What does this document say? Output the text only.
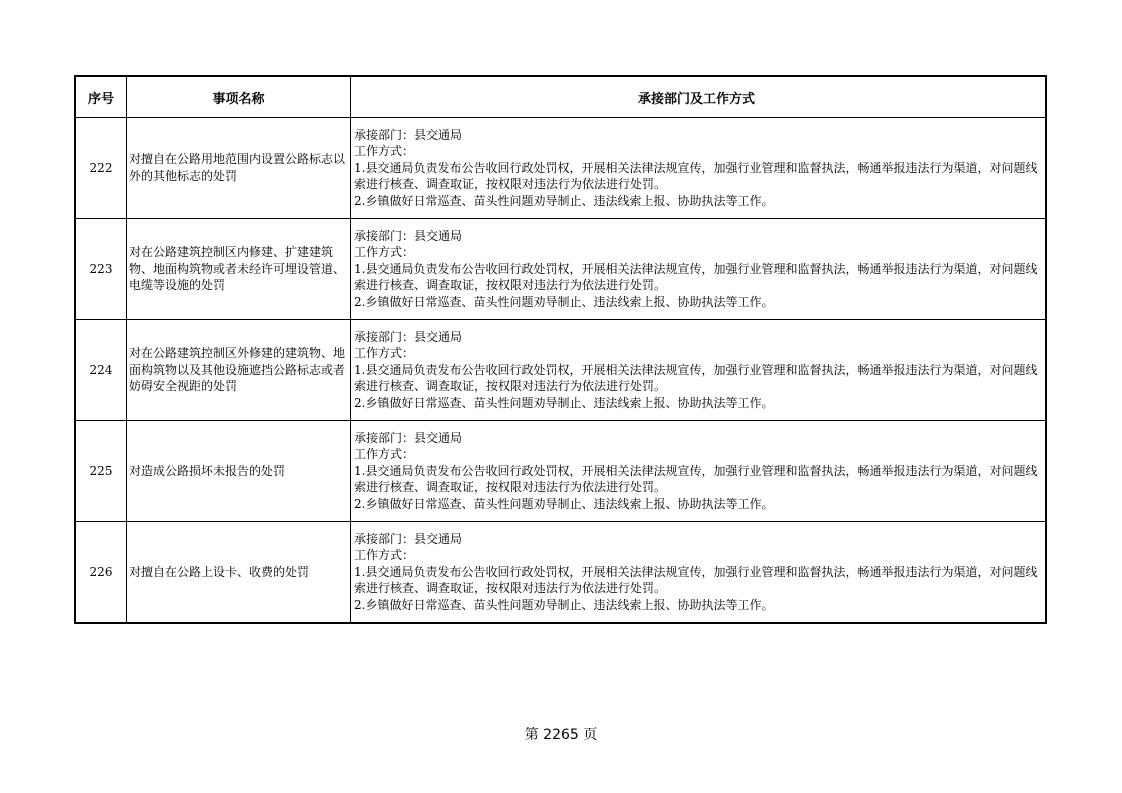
序号	事项名称	承接部门及工作方式
222	对擅自在公路用地范围内设置公路标志以外的其他标志的处罚	承接部门：县交通局
工作方式：
1.县交通局负责发布公告收回行政处罚权，开展相关法律法规宣传，加强行业管理和监督执法，畅通举报违法行为渠道，对问题线索进行核查、调查取证，按权限对违法行为依法进行处罚。
2.乡镇做好日常巡查、苗头性问题劝导制止、违法线索上报、协助执法等工作。

223	对在公路建筑控制区内修建、扩建建筑物、地面构筑物或者未经许可埋设管道、电缆等设施的处罚	承接部门：县交通局
工作方式：
1.县交通局负责发布公告收回行政处罚权，开展相关法律法规宣传，加强行业管理和监督执法，畅通举报违法行为渠道，对问题线索进行核查、调查取证，按权限对违法行为依法进行处罚。
2.乡镇做好日常巡查、苗头性问题劝导制止、违法线索上报、协助执法等工作。

224	对在公路建筑控制区外修建的建筑物、地面构筑物以及其他设施遮挡公路标志或者妨碍安全视距的处罚	承接部门：县交通局
工作方式：
1.县交通局负责发布公告收回行政处罚权，开展相关法律法规宣传，加强行业管理和监督执法，畅通举报违法行为渠道，对问题线索进行核查、调查取证，按权限对违法行为依法进行处罚。
2.乡镇做好日常巡查、苗头性问题劝导制止、违法线索上报、协助执法等工作。

225	对造成公路损坏未报告的处罚	承接部门：县交通局
工作方式：
1.县交通局负责发布公告收回行政处罚权，开展相关法律法规宣传，加强行业管理和监督执法，畅通举报违法行为渠道，对问题线索进行核查、调查取证，按权限对违法行为依法进行处罚。
2.乡镇做好日常巡查、苗头性问题劝导制止、违法线索上报、协助执法等工作。

226	对擅自在公路上设卡、收费的处罚	承接部门：县交通局
工作方式：
1.县交通局负责发布公告收回行政处罚权，开展相关法律法规宣传，加强行业管理和监督执法，畅通举报违法行为渠道，对问题线索进行核查、调查取证，按权限对违法行为依法进行处罚。
2.乡镇做好日常巡查、苗头性问题劝导制止、违法线索上报、协助执法等工作。
第 2265 页
